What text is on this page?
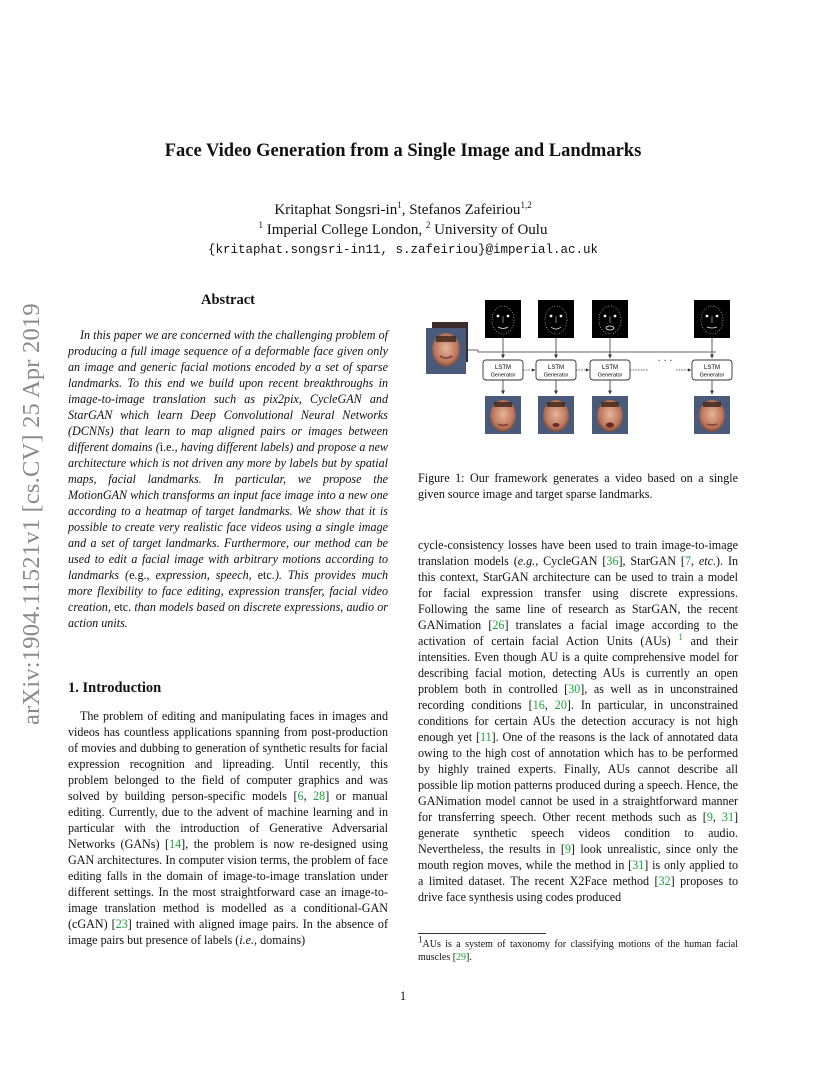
arXiv:1904.11521v1 [cs.CV] 25 Apr 2019
Face Video Generation from a Single Image and Landmarks
Kritaphat Songsri-$in^1$, Stefanos Zafeiriou$^{1,2}$
$^1$ Imperial College London, $^2$ University of Oulu
{kritaphat.songsri-in11, s.zafeiriou}@imperial.ac.uk
Abstract
In this paper we are concerned with the challenging problem of producing a full image sequence of a deformable face given only an image and generic facial motions encoded by a set of sparse landmarks. To this end we build upon recent breakthroughs in image-to-image translation such as pix2pix, CycleGAN and StarGAN which learn Deep Convolutional Neural Networks (DCNNs) that learn to map aligned pairs or images between different domains (i.e., having different labels) and propose a new architecture which is not driven any more by labels but by spatial maps, facial landmarks. In particular, we propose the MotionGAN which transforms an input face image into a new one according to a heatmap of target landmarks. We show that it is possible to create very realistic face videos using a single image and a set of target landmarks. Furthermore, our method can be used to edit a facial image with arbitrary motions according to landmarks (e.g., expression, speech, etc.). This provides much more flexibility to face editing, expression transfer, facial video creation, etc. than models based on discrete expressions, audio or action units.
1. Introduction
The problem of editing and manipulating faces in images and videos has countless applications spanning from post-production of movies and dubbing to generation of synthetic results for facial expression recognition and lipreading. Until recently, this problem belonged to the field of computer graphics and was solved by building person-specific models [6, 28] or manual editing. Currently, due to the advent of machine learning and in particular with the introduction of Generative Adversarial Networks (GANs) [14], the problem is now re-designed using GAN architectures. In computer vision terms, the problem of face editing falls in the domain of image-to-image translation under different settings. In the most straightforward case an image-to-image translation method is modelled as a conditional-GAN (cGAN) [23] trained with aligned image pairs. In the absence of image pairs but presence of labels (i.e., domains)
LSTM
Generator
LSTM
Generator
LSTM
Generator
LSTM
Generator
· · ·
Figure 1: Our framework generates a video based on a single given source image and target sparse landmarks.
cycle-consistency losses have been used to train image-to-image translation models (e.g., CycleGAN [36], StarGAN [7, etc.). In this context, StarGAN architecture can be used to train a model for facial expression transfer using discrete expressions. Following the same line of research as StarGAN, the recent GANimation [26] translates a facial image according to the activation of certain facial Action Units (AUs) $^1$ and their intensities. Even though AU is a quite comprehensive model for describing facial motion, detecting AUs is currently an open problem both in controlled [30], as well as in unconstrained recording conditions [16, 20]. In particular, in unconstrained conditions for certain AUs the detection accuracy is not high enough yet [11]. One of the reasons is the lack of annotated data owing to the high cost of annotation which has to be performed by highly trained experts. Finally, AUs cannot describe all possible lip motion patterns produced during a speech. Hence, the GANimation model cannot be used in a straightforward manner for transferring speech. Other recent methods such as [9, 31] generate synthetic speech videos condition to audio. Nevertheless, the results in [9] look unrealistic, since only the mouth region moves, while the method in [31] is only applied to a limited dataset. The recent X2Face method [32] proposes to drive face synthesis using codes produced
$^1$AUs is a system of taxonomy for classifying motions of the human facial muscles [29].
1
